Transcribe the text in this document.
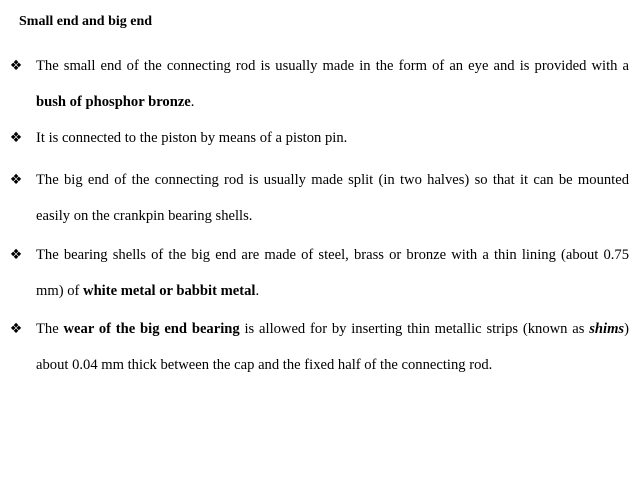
Small end and big end
❖ The small end of the connecting rod is usually made in the form of an eye and is provided with a bush of phosphor bronze.
❖ It is connected to the piston by means of a piston pin.
❖ The big end of the connecting rod is usually made split (in two halves) so that it can be mounted easily on the crankpin bearing shells.
❖ The bearing shells of the big end are made of steel, brass or bronze with a thin lining (about 0.75 mm) of white metal or babbit metal.
❖ The wear of the big end bearing is allowed for by inserting thin metallic strips (known as shims) about 0.04 mm thick between the cap and the fixed half of the connecting rod.
